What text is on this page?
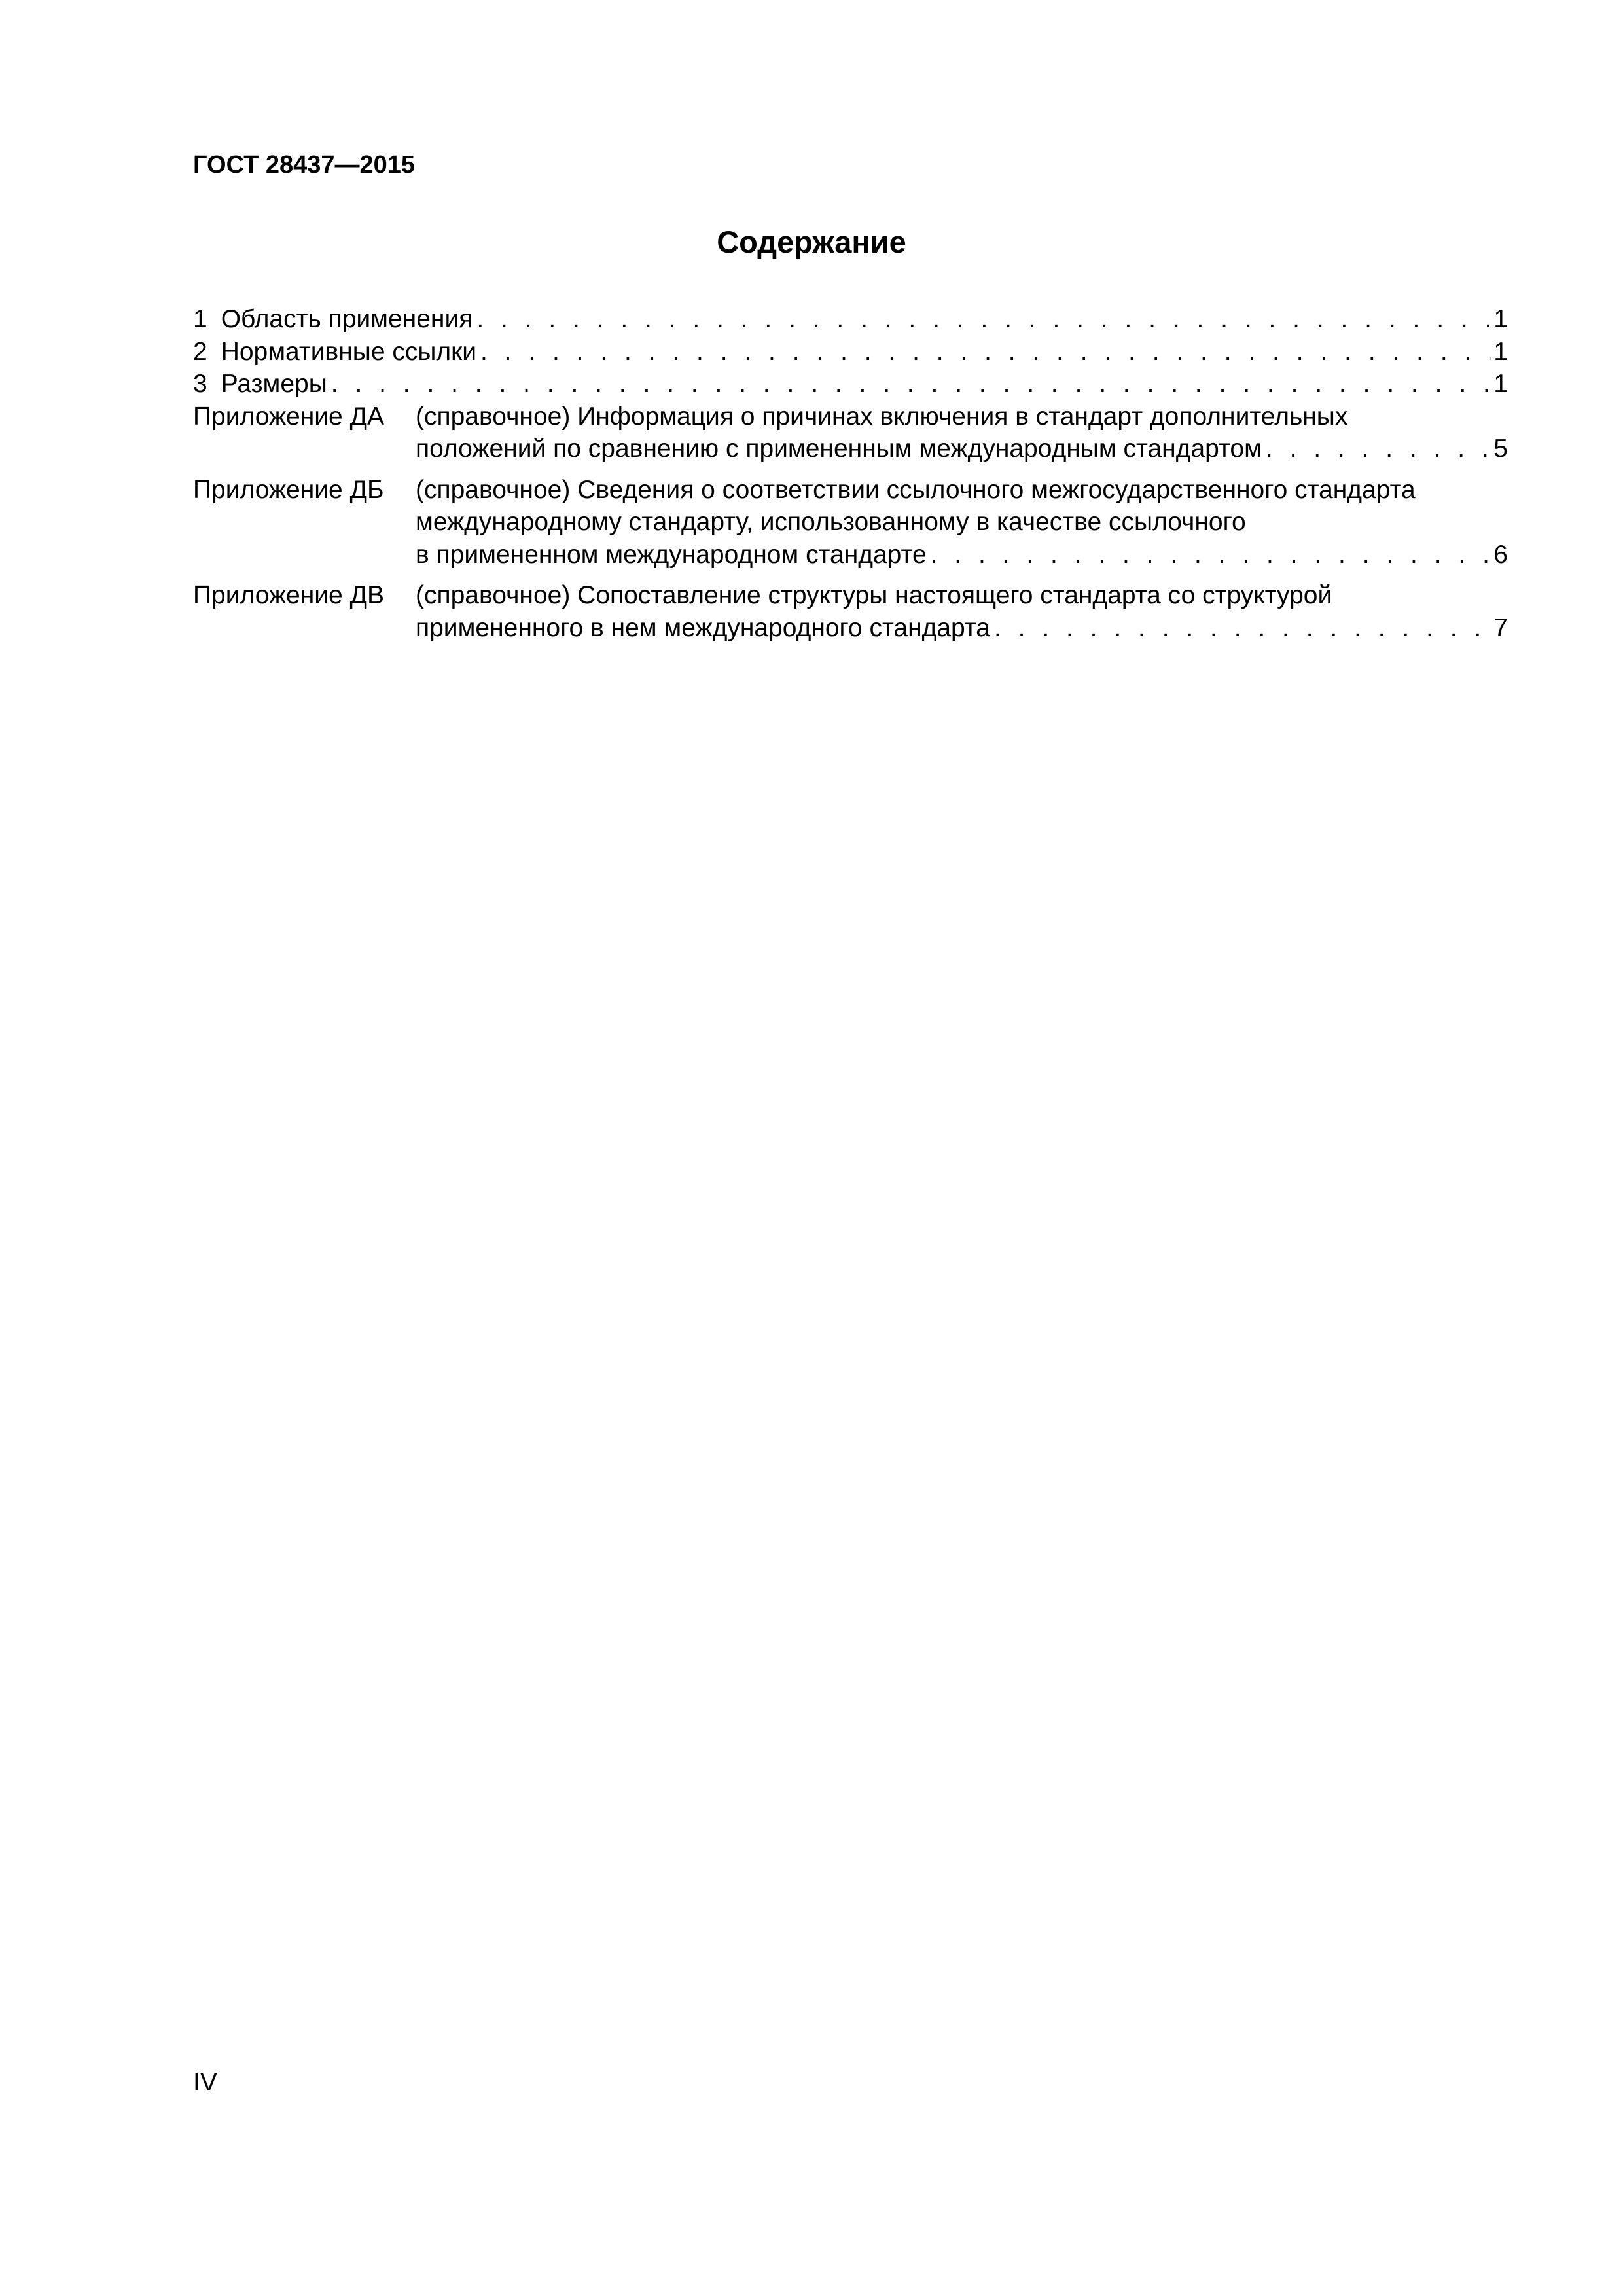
ГОСТ 28437—2015
Содержание
1 Область применения . . .	1
2 Нормативные ссылки . . .	1
3 Размеры . . .	1
Приложение ДА	(справочное) Информация о причинах включения в стандарт дополнительных
положений по сравнению с примененным международным стандартом . . .	5
Приложение ДБ	(справочное) Сведения о соответствии ссылочного межгосударственного стандарта
международному стандарту, использованному в качестве ссылочного
в примененном международном стандарте . . .	6
Приложение ДВ	(справочное) Сопоставление структуры настоящего стандарта со структурой
примененного в нем международного стандарта . . .	7
IV
